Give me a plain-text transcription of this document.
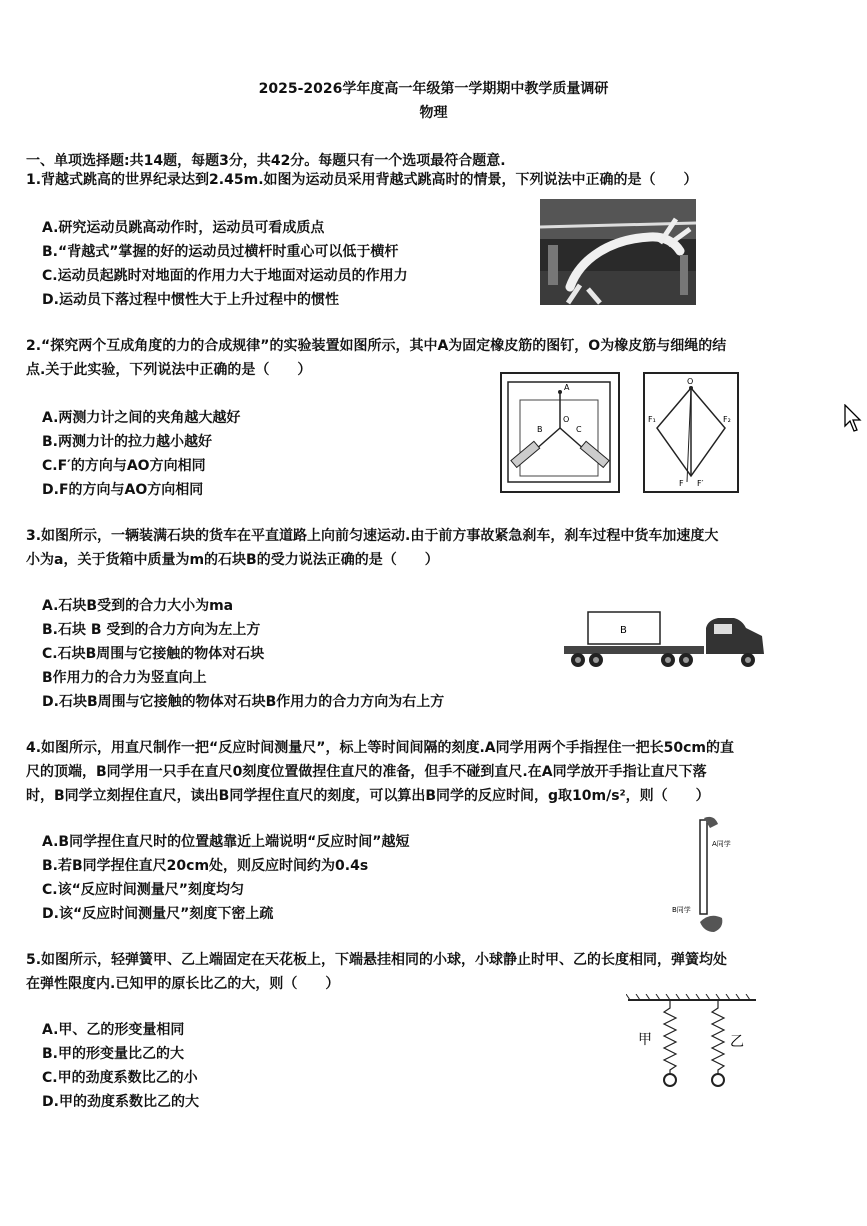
2025-2026学年度高一年级第一学期期中教学质量调研
物理
一、单项选择题:共14题，每题3分，共42分。每题只有一个选项最符合题意.
1.背越式跳高的世界纪录达到2.45m.如图为运动员采用背越式跳高时的情景，下列说法中正确的是（　　）
A.研究运动员跳高动作时，运动员可看成质点
B.“背越式”掌握的好的运动员过横杆时重心可以低于横杆
C.运动员起跳时对地面的作用力大于地面对运动员的作用力
D.运动员下落过程中惯性大于上升过程中的惯性
2.“探究两个互成角度的力的合成规律”的实验装置如图所示，其中A为固定橡皮筋的图钉，O为橡皮筋与细绳的结
点.关于此实验，下列说法中正确的是（　　）
A.两测力计之间的夹角越大越好
B.两测力计的拉力越小越好
C.F′的方向与AO方向相同
D.F的方向与AO方向相同
A
O
B	C
O
F₁	F₂
F F′
3.如图所示，一辆装满石块的货车在平直道路上向前匀速运动.由于前方事故紧急刹车，刹车过程中货车加速度大
小为a，关于货箱中质量为m的石块B的受力说法正确的是（　　）
A.石块B受到的合力大小为ma
B.石块 B 受到的合力方向为左上方
C.石块B周围与它接触的物体对石块
B作用力的合力为竖直向上
D.石块B周围与它接触的物体对石块B作用力的合力方向为右上方
B
4.如图所示，用直尺制作一把“反应时间测量尺”，标上等时间间隔的刻度.A同学用两个手指捏住一把长50cm的直
尺的顶端，B同学用一只手在直尺0刻度位置做捏住直尺的准备，但手不碰到直尺.在A同学放开手指让直尺下落
时，B同学立刻捏住直尺，读出B同学捏住直尺的刻度，可以算出B同学的反应时间，g取10m/s²，则（　　）
A.B同学捏住直尺时的位置越靠近上端说明“反应时间”越短
B.若B同学捏住直尺20cm处，则反应时间约为0.4s
C.该“反应时间测量尺”刻度均匀
D.该“反应时间测量尺”刻度下密上疏
A同学
B同学
5.如图所示，轻弹簧甲、乙上端固定在天花板上，下端悬挂相同的小球，小球静止时甲、乙的长度相同，弹簧均处
在弹性限度内.已知甲的原长比乙的大，则（　　）
A.甲、乙的形变量相同
B.甲的形变量比乙的大
C.甲的劲度系数比乙的小
D.甲的劲度系数比乙的大
甲	乙
